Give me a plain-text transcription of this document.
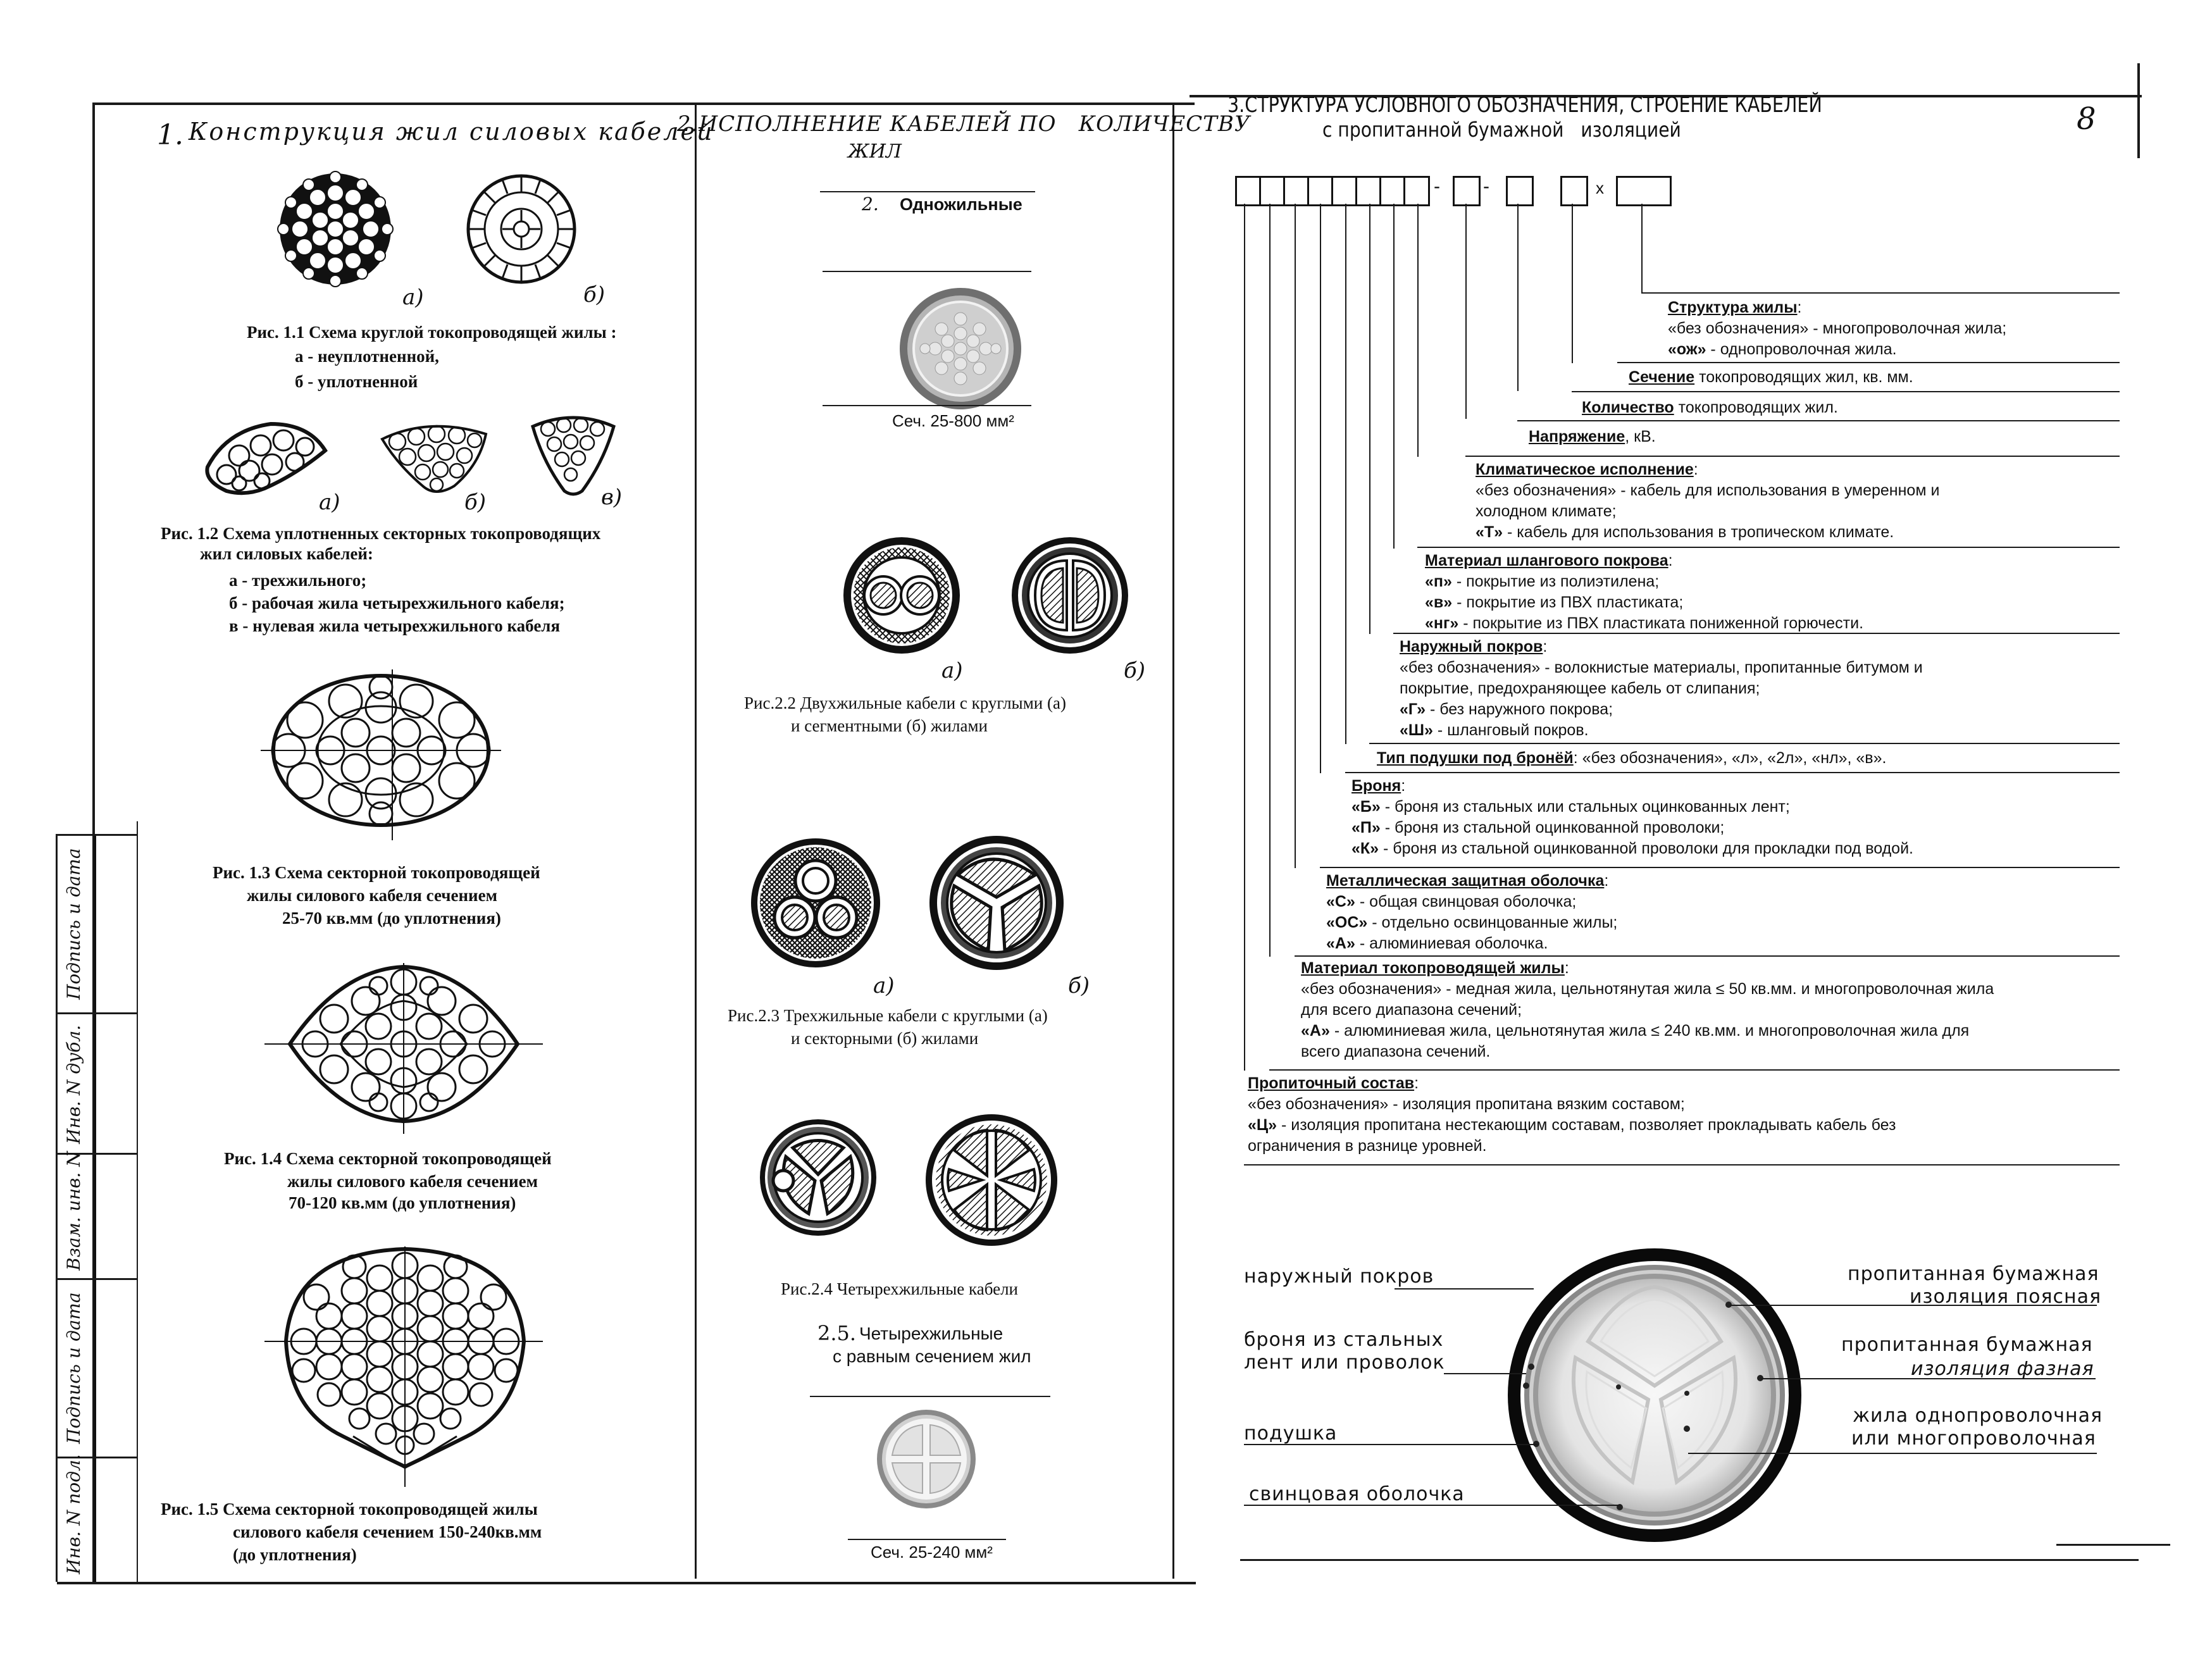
Подпись и дата
Инв. N дубл.
Взам. инв. N
Подпись и дата
Инв. N подл.
1. Конструкция жил силовых кабелей
а)	б)
Рис. 1.1 Схема круглой токопроводящей жилы :
а - неуплотненной,
б - уплотненной
а)	б)	в)
Рис. 1.2 Схема уплотненных секторных токопроводящих
жил силовых кабелей:
а - трехжильного;
б - рабочая жила четырехжильного кабеля;
в - нулевая жила четырехжильного кабеля
Рис. 1.3 Схема секторной токопроводящей
жилы силового кабеля сечением
25-70 кв.мм (до уплотнения)
Рис. 1.4 Схема секторной токопроводящей
жилы силового кабеля сечением
70-120 кв.мм (до уплотнения)
Рис. 1.5 Схема секторной токопроводящей жилы
силового кабеля сечением 150-240кв.мм
(до уплотнения)
2.ИСПОЛНЕНИЕ КАБЕЛЕЙ ПО   КОЛИЧЕСТВУ
ЖИЛ
2. Одножильные
Сеч. 25-800 мм²
а)	б)
Рис.2.2 Двухжильные кабели с круглыми (а)
и сегментными (б) жилами
а)	б)
Рис.2.3 Трехжильные кабели с круглыми (а)
и секторными (б) жилами
Рис.2.4 Четырехжильные кабели
2.5. Четырехжильные
с равным сечением жил
Сеч. 25-240 мм²
3.СТРУКТУРА УСЛОВНОГО ОБОЗНАЧЕНИЯ, СТРОЕНИЕ КАБЕЛЕЙ
с пропитанной бумажной   изоляцией	8
- -	x
Структура жилы:
«без обозначения» - многопроволочная жила;
«ож» - однопроволочная жила.
Сечение токопроводящих жил, кв. мм.
Количество токопроводящих жил.
Напряжение, кВ.
Климатическое исполнение:
«без обозначения» - кабель для использования в умеренном и
холодном климате;
«Т» - кабель для использования в тропическом климате.
Материал шлангового покрова:
«п» - покрытие из полиэтилена;
«в» - покрытие из ПВХ пластиката;
«нг» - покрытие из ПВХ пластиката пониженной горючести.
Наружный покров:
«без обозначения» - волокнистые материалы, пропитанные битумом и
покрытие, предохраняющее кабель от слипания;
«Г» - без наружного покрова;
«Ш» - шланговый покров.
Тип подушки под бронёй: «без обозначения», «л», «2л», «нл», «в».
Броня:
«Б» - броня из стальных или стальных оцинкованных лент;
«П» - броня из стальной оцинкованной проволоки;
«К» - броня из стальной оцинкованной проволоки для прокладки под водой.
Металлическая защитная оболочка:
«С» - общая свинцовая оболочка;
«ОС» - отдельно освинцованные жилы;
«А» - алюминиевая оболочка.
Материал токопроводящей жилы:
«без обозначения» - медная жила, цельнотянутая жила ≤ 50 кв.мм. и многопроволочная жила
для всего диапазона сечений;
«А» - алюминиевая жила, цельнотянутая жила ≤ 240 кв.мм. и многопроволочная жила для
всего диапазона сечений.
Пропиточный состав:
«без обозначения» - изоляция пропитана вязким составом;
«Ц» - изоляция пропитана нестекающим составам, позволяет прокладывать кабель без
ограничения в разнице уровней.
наружный покров
броня из стальных
лент или проволок
подушка
свинцовая оболочка
пропитанная бумажная
изоляция поясная
пропитанная бумажная
изоляция фазная
жила однопроволочная
или многопроволочная
